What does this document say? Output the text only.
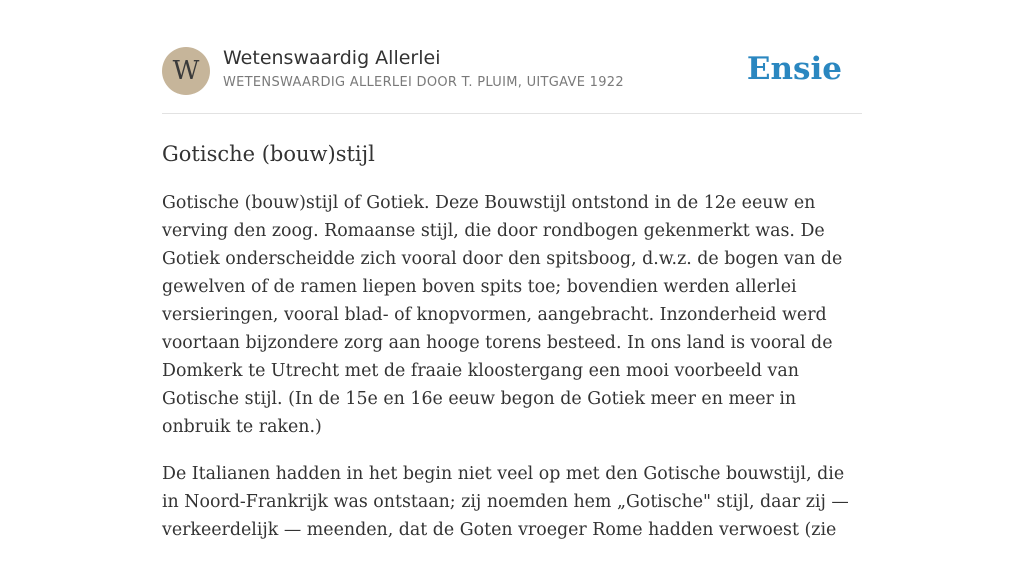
W	Wetenswaardig Allerlei
WETENSWAARDIG ALLERLEI DOOR T. PLUIM, UITGAVE 1922	Ensie
Gotische (bouw)stijl

Gotische (bouw)stijl of Gotiek. Deze Bouwstijl ontstond in de 12e eeuw en verving den zoog. Romaanse stijl, die door rondbogen gekenmerkt was. De Gotiek onderscheidde zich vooral door den spitsboog, d.w.z. de bogen van de gewelven of de ramen liepen boven spits toe; bovendien werden allerlei versieringen, vooral blad- of knopvormen, aangebracht. Inzonderheid werd voortaan bijzondere zorg aan hooge torens besteed. In ons land is vooral de Domkerk te Utrecht met de fraaie kloostergang een mooi voorbeeld van Gotische stijl. (In de 15e en 16e eeuw begon de Gotiek meer en meer in onbruik te raken.)

De Italianen hadden in het begin niet veel op met den Gotische bouwstijl, die in Noord-Frankrijk was ontstaan; zij noemden hem „Gotische" stijl, daar zij — verkeerdelijk — meenden, dat de Goten vroeger Rome hadden verwoest (zie
